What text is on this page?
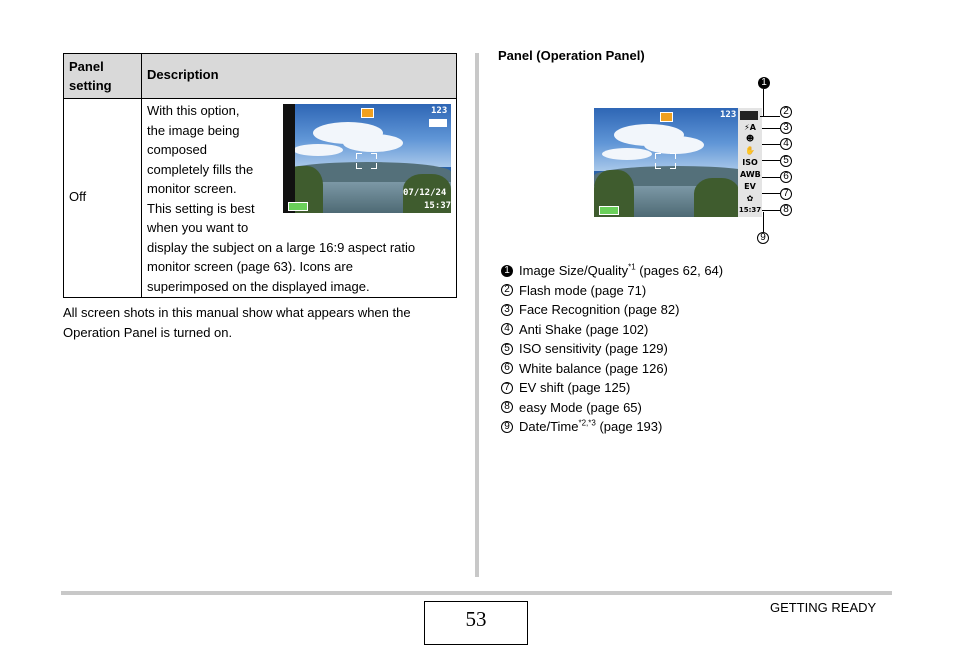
Panel setting
Description
Off
With this option,
the image being
composed
completely fills the
monitor screen.
This setting is best
when you want to
display the subject on a large 16:9 aspect ratio
monitor screen (page 63). Icons are
superimposed on the displayed image.
123
07/12/24
15:37
All screen shots in this manual show what appears when the
Operation Panel is turned on.
Panel (Operation Panel)
123
⚡A
☻
✋
ISO
AWB
EV
✿
15:37
1
2
3
4
5
6
7
8
9
1 Image Size/Quality$^{*1}$ (pages 62, 64)
2 Flash mode (page 71)
3 Face Recognition (page 82)
4 Anti Shake (page 102)
5 ISO sensitivity (page 129)
6 White balance (page 126)
7 EV shift (page 125)
8 easy Mode (page 65)
9 Date/Time$^{*2,*3}$ (page 193)
53	GETTING READY
